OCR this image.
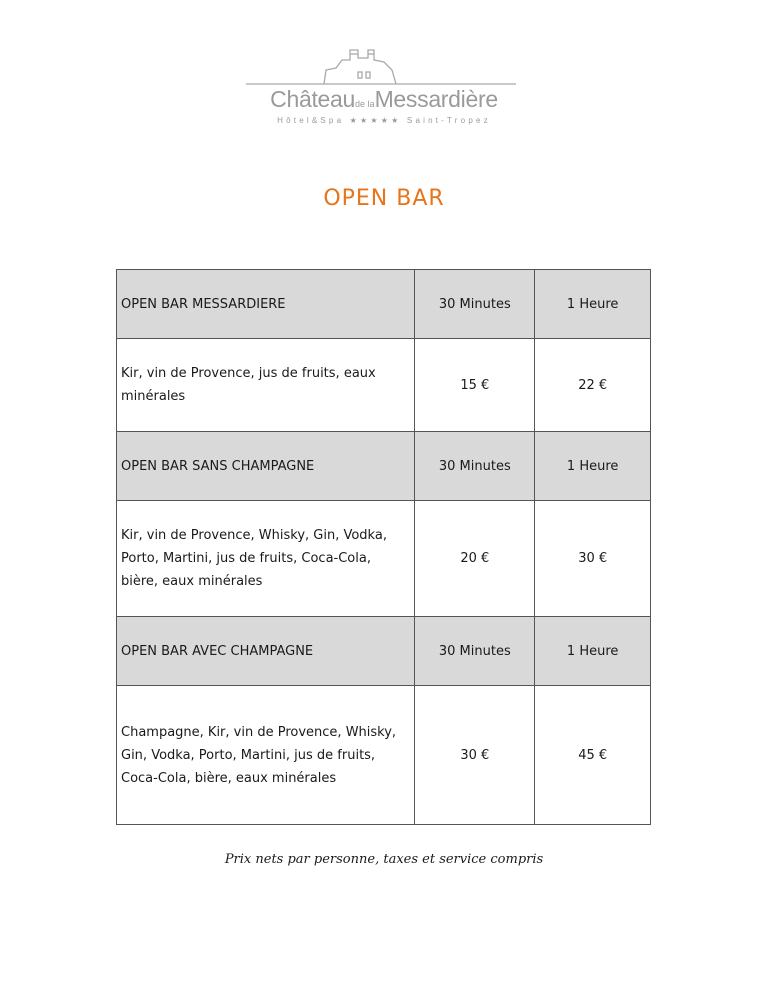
Châteaude laMessardière
Hôtel&Spa ★★★★★ Saint-Tropez
OPEN BAR
OPEN BAR MESSARDIERE	30 Minutes	1 Heure
Kir, vin de Provence, jus de fruits, eaux minérales	15 €	22 €
OPEN BAR SANS CHAMPAGNE	30 Minutes	1 Heure
Kir, vin de Provence, Whisky, Gin, Vodka, Porto, Martini, jus de fruits, Coca-Cola, bière, eaux minérales	20 €	30 €
OPEN BAR AVEC CHAMPAGNE	30 Minutes	1 Heure
Champagne, Kir, vin de Provence, Whisky, Gin, Vodka, Porto, Martini, jus de fruits, Coca-Cola, bière, eaux minérales	30 €	45 €
Prix nets par personne, taxes et service compris
